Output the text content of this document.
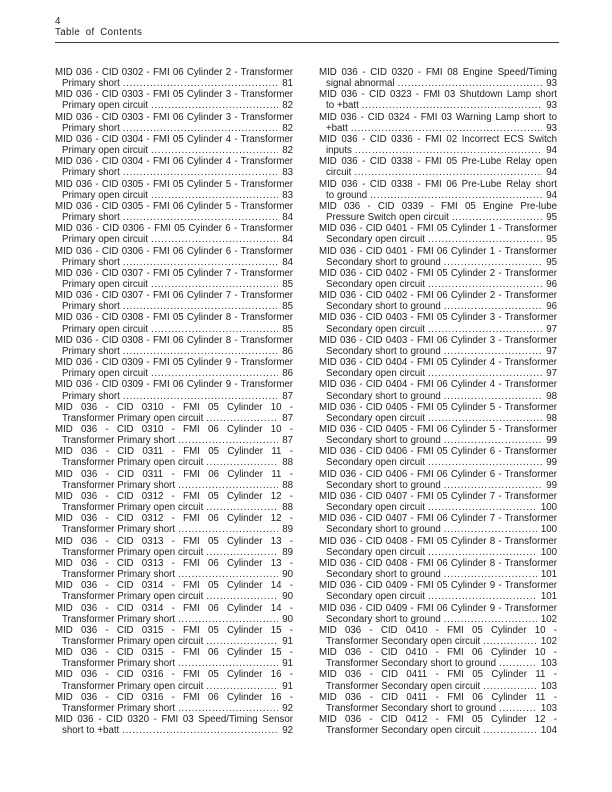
4
Table of Contents
MID 036 - CID 0302 - FMI 06 Cylinder 2 - Transformer
Primary short .....	81
MID 036 - CID 0303 - FMI 05 Cylinder 3 - Transformer
Primary open circuit .....	82
MID 036 - CID 0303 - FMI 06 Cylinder 3 - Transformer
Primary short .....	82
MID 036 - CID 0304 - FMI 05 Cylinder 4 - Transformer
Primary open circuit .....	82
MID 036 - CID 0304 - FMI 06 Cylinder 4 - Transformer
Primary short .....	83
MID 036 - CID 0305 - FMI 05 Cylinder 5 - Transformer
Primary open circuit .....	83
MID 036 - CID 0305 - FMI 06 Cylinder 5 - Transformer
Primary short .....	84
MID 036 - CID 0306 - FMI 05 Cyinder 6 - Transformer
Primary open circuit .....	84
MID 036 - CID 0306 - FMI 06 Cylinder 6 - Transformer
Primary short .....	84
MID 036 - CID 0307 - FMI 05 Cylinder 7 - Transformer
Primary open circuit .....	85
MID 036 - CID 0307 - FMI 06 Cylinder 7 - Transformer
Primary short .....	85
MID 036 - CID 0308 - FMI 05 Cylinder 8 - Transformer
Primary open circuit .....	85
MID 036 - CID 0308 - FMI 06 Cylinder 8 - Transformer
Primary short .....	86
MID 036 - CID 0309 - FMI 05 Cylinder 9 - Transformer
Primary open circuit .....	86
MID 036 - CID 0309 - FMI 06 Cylinder 9 - Transformer
Primary short .....	87
MID 036 - CID 0310 - FMI 05 Cylinder 10 -
Transformer Primary open circuit .....	87
MID 036 - CID 0310 - FMI 06 Cylinder 10 -
Transformer Primary short .....	87
MID 036 - CID 0311 - FMI 05 Cylinder 11 -
Transformer Primary open circuit .....	88
MID 036 - CID 0311 - FMI 06 Cylinder 11 -
Transformer Primary short .....	88
MID 036 - CID 0312 - FMI 05 Cylinder 12 -
Transformer Primary open circuit .....	88
MID 036 - CID 0312 - FMI 06 Cylinder 12 -
Transformer Primary short .....	89
MID 036 - CID 0313 - FMI 05 Cylinder 13 -
Transformer Primary open circuit .....	89
MID 036 - CID 0313 - FMI 06 Cylinder 13 -
Transformer Primary short .....	90
MID 036 - CID 0314 - FMI 05 Cylinder 14 -
Transformer Primary open circuit .....	90
MID 036 - CID 0314 - FMI 06 Cylinder 14 -
Transformer Primary short .....	90
MID 036 - CID 0315 - FMI 05 Cylinder 15 -
Transformer Primary open circuit .....	91
MID 036 - CID 0315 - FMI 06 Cylinder 15 -
Transformer Primary short .....	91
MID 036 - CID 0316 - FMI 05 Cylinder 16 -
Transformer Primary open circuit .....	91
MID 036 - CID 0316 - FMI 06 Cylinder 16 -
Transformer Primary short .....	92
MID 036 - CID 0320 - FMI 03 Speed/Timing Sensor
short to +batt .....	92
MID 036 - CID 0320 - FMI 08 Engine Speed/Timing
signal abnormal .....	93
MID 036 - CID 0323 - FMI 03 Shutdown Lamp short
to +batt .....	93
MID 036 - CID 0324 - FMI 03 Warning Lamp short to
+batt .....	93
MID 036 - CID 0336 - FMI 02 Incorrect ECS Switch
inputs .....	94
MID 036 - CID 0338 - FMI 05 Pre-Lube Relay open
circuit .....	94
MID 036 - CID 0338 - FMI 06 Pre-Lube Relay short
to ground .....	94
MID 036 - CID 0339 - FMI 05 Engine Pre-lube
Pressure Switch open circuit .....	95
MID 036 - CID 0401 - FMI 05 Cylinder 1 - Transformer
Secondary open circuit .....	95
MID 036 - CID 0401 - FMI 06 Cylinder 1 - Transformer
Secondary short to ground .....	95
MID 036 - CID 0402 - FMI 05 Cylinder 2 - Transformer
Secondary open circuit .....	96
MID 036 - CID 0402 - FMI 06 Cylinder 2 - Transformer
Secondary short to ground .....	96
MID 036 - CID 0403 - FMI 05 Cylinder 3 - Transformer
Secondary open circuit .....	97
MID 036 - CID 0403 - FMI 06 Cylinder 3 - Transformer
Secondary short to ground .....	97
MID 036 - CID 0404 - FMI 05 Cylinder 4 - Transformer
Secondary open circuit .....	97
MID 036 - CID 0404 - FMI 06 Cylinder 4 - Transformer
Secondary short to ground .....	98
MID 036 - CID 0405 - FMI 05 Cylinder 5 - Transformer
Secondary open circuit .....	98
MID 036 - CID 0405 - FMI 06 Cylinder 5 - Transformer
Secondary short to ground .....	99
MID 036 - CID 0406 - FMI 05 Cylinder 6 - Transformer
Secondary open circuit .....	99
MID 036 - CID 0406 - FMI 06 Cylinder 6 - Transformer
Secondary short to ground .....	99
MID 036 - CID 0407 - FMI 05 Cylinder 7 - Transformer
Secondary open circuit .....	100
MID 036 - CID 0407 - FMI 06 Cylinder 7 - Transformer
Secondary short to ground .....	100
MID 036 - CID 0408 - FMI 05 Cylinder 8 - Transformer
Secondary open circuit .....	100
MID 036 - CID 0408 - FMI 06 Cylinder 8 - Transformer
Secondary short to ground .....	101
MID 036 - CID 0409 - FMI 05 Cylinder 9 - Transformer
Secondary open circuit .....	101
MID 036 - CID 0409 - FMI 06 Cylinder 9 - Transformer
Secondary short to ground .....	102
MID 036 - CID 0410 - FMI 05 Cylinder 10 -
Transformer Secondary open circuit .....	102
MID 036 - CID 0410 - FMI 06 Cylinder 10 -
Transformer Secondary short to ground .....	103
MID 036 - CID 0411 - FMI 05 Cylinder 11 -
Transformer Secondary open circuit .....	103
MID 036 - CID 0411 - FMI 06 Cylinder 11 -
Transformer Secondary short to ground .....	103
MID 036 - CID 0412 - FMI 05 Cylinder 12 -
Transformer Secondary open circuit .....	104
